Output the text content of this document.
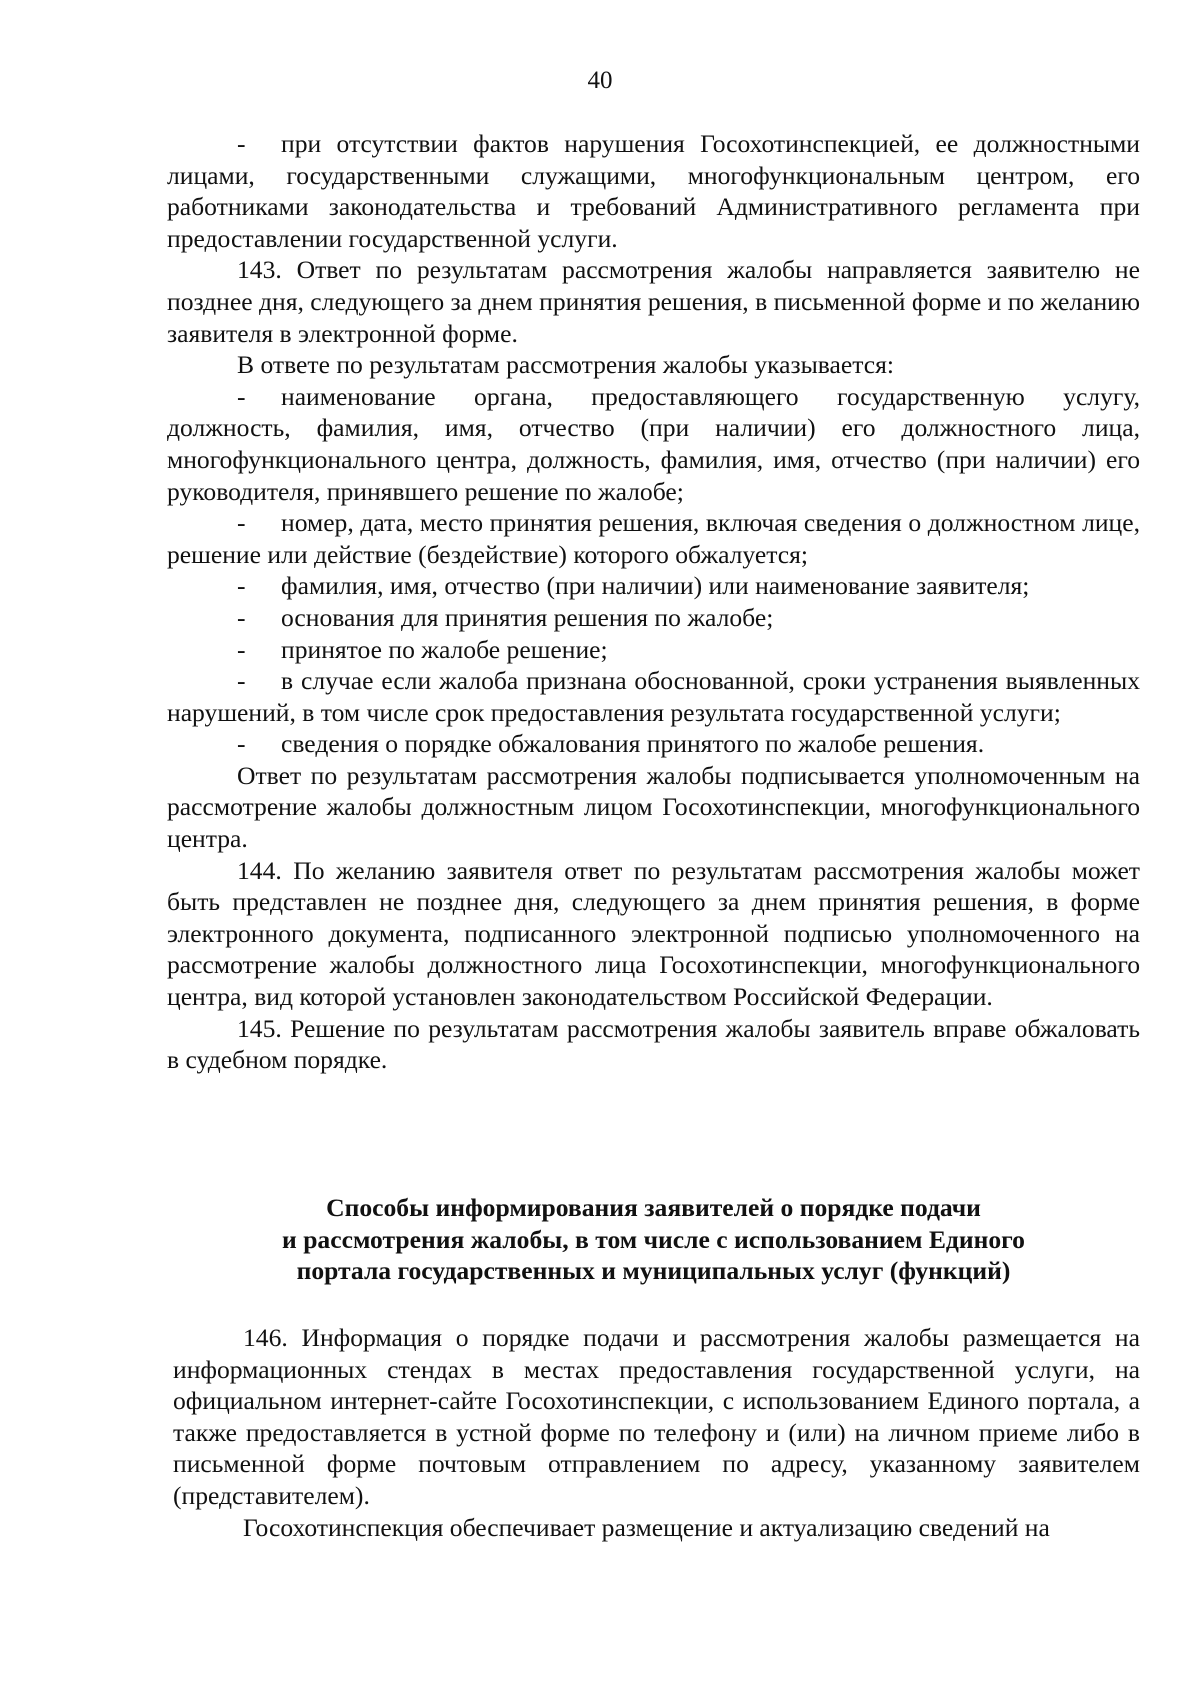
40

- при отсутствии фактов нарушения Госохотинспекцией, ее должностными лицами, государственными служащими, многофункциональным центром, его работниками законодательства и требований Административного регламента при предоставлении государственной услуги.

143. Ответ по результатам рассмотрения жалобы направляется заявителю не позднее дня, следующего за днем принятия решения, в письменной форме и по желанию заявителя в электронной форме.

В ответе по результатам рассмотрения жалобы указывается:

- наименование органа, предоставляющего государственную услугу, должность, фамилия, имя, отчество (при наличии) его должностного лица, многофункционального центра, должность, фамилия, имя, отчество (при наличии) его руководителя, принявшего решение по жалобе;

- номер, дата, место принятия решения, включая сведения о должностном лице, решение или действие (бездействие) которого обжалуется;

- фамилия, имя, отчество (при наличии) или наименование заявителя;

- основания для принятия решения по жалобе;

- принятое по жалобе решение;

- в случае если жалоба признана обоснованной, сроки устранения выявленных нарушений, в том числе срок предоставления результата государственной услуги;

- сведения о порядке обжалования принятого по жалобе решения.

Ответ по результатам рассмотрения жалобы подписывается уполномоченным на рассмотрение жалобы должностным лицом Госохотинспекции, многофункционального центра.

144. По желанию заявителя ответ по результатам рассмотрения жалобы может быть представлен не позднее дня, следующего за днем принятия решения, в форме электронного документа, подписанного электронной подписью уполномоченного на рассмотрение жалобы должностного лица Госохотинспекции, многофункционального центра, вид которой установлен законодательством Российской Федерации.

145. Решение по результатам рассмотрения жалобы заявитель вправе обжаловать в судебном порядке.

Способы информирования заявителей о порядке подачи
и рассмотрения жалобы, в том числе с использованием Единого
портала государственных и муниципальных услуг (функций)

146. Информация о порядке подачи и рассмотрения жалобы размещается на информационных стендах в местах предоставления государственной услуги, на официальном интернет-сайте Госохотинспекции, с использованием Единого портала, а также предоставляется в устной форме по телефону и (или) на личном приеме либо в письменной форме почтовым отправлением по адресу, указанному заявителем (представителем).

Госохотинспекция обеспечивает размещение и актуализацию сведений на
